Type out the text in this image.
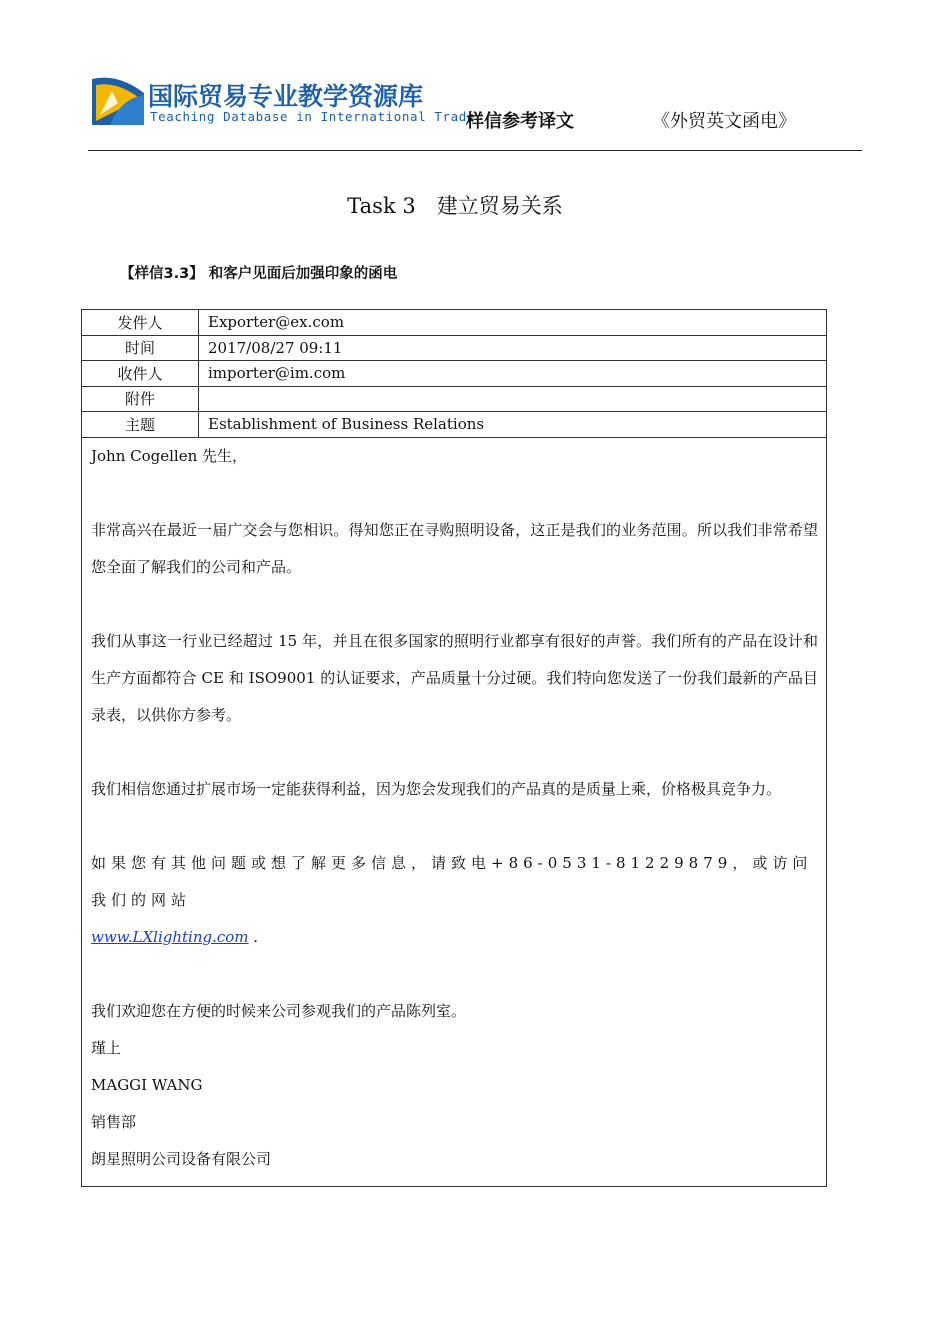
国际贸易专业教学资源库
Teaching Database in International Trade
样信参考译文	《外贸英文函电》
Task 3　建立贸易关系
【样信3.3】 和客户见面后加强印象的函电
发件人	Exporter@ex.com
时间	2017/08/27 09:11
收件人	importer@im.com
附件	
主题	Establishment of Business Relations

John Cogellen 先生，

非常高兴在最近一届广交会与您相识。得知您正在寻购照明设备，这正是我们的业务范围。所以我们非常希望您全面了解我们的公司和产品。

我们从事这一行业已经超过 15 年，并且在很多国家的照明行业都享有很好的声誉。我们所有的产品在设计和生产方面都符合 CE 和 ISO9001 的认证要求，产品质量十分过硬。我们特向您发送了一份我们最新的产品目录表，以供你方参考。

我们相信您通过扩展市场一定能获得利益，因为您会发现我们的产品真的是质量上乘，价格极具竞争力。

如果您有其他问题或想了解更多信息，请致电+86-0531-81229879，或访问我们的网站

www.LXlighting.com .

我们欢迎您在方便的时候来公司参观我们的产品陈列室。

瑾上

MAGGI WANG

销售部

朗星照明公司设备有限公司
